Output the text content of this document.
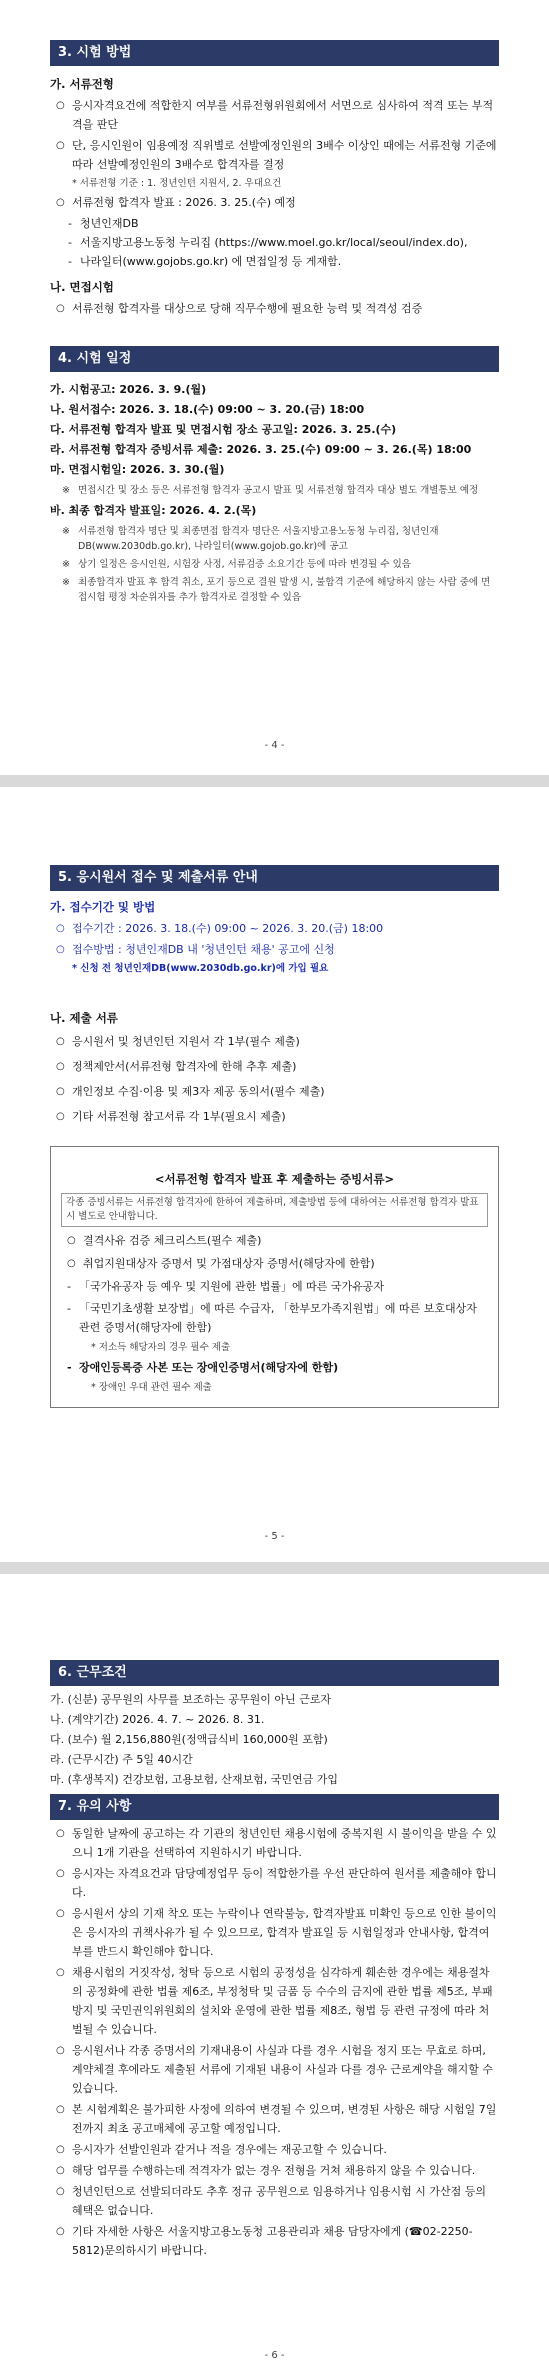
3. 시험 방법
가. 서류전형
○ 응시자격요건에 적합한지 여부를 서류전형위원회에서 서면으로 심사하여 적격 또는 부적격을 판단
○ 단, 응시인원이 임용예정 직위별로 선발예정인원의 3배수 이상인 때에는 서류전형 기준에 따라 선발예정인원의 3배수로 합격자를 결정
* 서류전형 기준 : 1. 정년인턴 지원서, 2. 우대요건
○ 서류전형 합격자 발표 : 2026. 3. 25.(수) 예정
- 청년인재DB
- 서울지방고용노동청 누리집 (https://www.moel.go.kr/local/seoul/index.do),
- 나라일터(www.gojobs.go.kr) 에 면접일정 등 게재함.
나. 면접시험
○ 서류전형 합격자를 대상으로 당해 직무수행에 필요한 능력 및 적격성 검증
4. 시험 일정
가. 시험공고: 2026. 3. 9.(월)
나. 원서접수: 2026. 3. 18.(수) 09:00 ~ 3. 20.(금) 18:00
다. 서류전형 합격자 발표 및 면접시험 장소 공고일: 2026. 3. 25.(수)
라. 서류전형 합격자 증빙서류 제출: 2026. 3. 25.(수) 09:00 ~ 3. 26.(목) 18:00
마. 면접시험일: 2026. 3. 30.(월)
※ 면접시간 및 장소 등은 서류전형 합격자 공고시 발표 및 서류전형 합격자 대상 별도 개별통보 예정
바. 최종 합격자 발표일: 2026. 4. 2.(목)
※ 서류전형 합격자 명단 및 최종면접 합격자 명단은 서울지방고용노동청 누리집, 청년인재DB(www.2030db.go.kr), 나라일터(www.gojob.go.kr)에 공고
※ 상기 일정은 응시인원, 시험장 사정, 서류검증 소요기간 등에 따라 변경될 수 있음
※ 최종합격자 발표 후 합격 취소, 포기 등으로 결원 발생 시, 불합격 기준에 해당하지 않는 사람 중에 면접시험 평정 차순위자를 추가 합격자로 결정할 수 있음
- 4 -
5. 응시원서 접수 및 제출서류 안내
가. 접수기간 및 방법
○ 접수기간 : 2026. 3. 18.(수) 09:00 ~ 2026. 3. 20.(금) 18:00
○ 접수방법 : 청년인재DB 내 '청년인턴 채용' 공고에 신청
* 신청 전 청년인재DB(www.2030db.go.kr)에 가입 필요
나. 제출 서류
○ 응시원서 및 청년인턴 지원서 각 1부(필수 제출)
○ 정책제안서(서류전형 합격자에 한해 추후 제출)
○ 개인정보 수집·이용 및 제3자 제공 동의서(필수 제출)
○ 기타 서류전형 참고서류 각 1부(필요시 제출)
<서류전형 합격자 발표 후 제출하는 증빙서류>
각종 증빙서류는 서류전형 합격자에 한하여 제출하며, 제출방법 등에 대하여는 서류전형 합격자 발표 시 별도로 안내합니다.
○ 결격사유 검증 체크리스트(필수 제출)
○ 취업지원대상자 증명서 및 가점대상자 증명서(해당자에 한함)
- 「국가유공자 등 예우 및 지원에 관한 법률」에 따른 국가유공자
- 「국민기초생활 보장법」에 따른 수급자, 「한부모가족지원법」에 따른 보호대상자 관련 증명서(해당자에 한함)
* 저소득 해당자의 경우 필수 제출
- 장애인등록증 사본 또는 장애인증명서(해당자에 한함)
* 장애인 우대 관련 필수 제출
- 5 -
6. 근무조건
가. (신분) 공무원의 사무를 보조하는 공무원이 아닌 근로자
나. (계약기간) 2026. 4. 7. ~ 2026. 8. 31.
다. (보수) 월 2,156,880원(정액급식비 160,000원 포함)
라. (근무시간) 주 5일 40시간
마. (후생복지) 건강보험, 고용보험, 산재보험, 국민연금 가입
7. 유의 사항
○ 동일한 날짜에 공고하는 각 기관의 청년인턴 채용시험에 중복지원 시 불이익을 받을 수 있으니 1개 기관을 선택하여 지원하시기 바랍니다.
○ 응시자는 자격요건과 담당예정업무 등이 적합한가를 우선 판단하여 원서를 제출해야 합니다.
○ 응시원서 상의 기재 착오 또는 누락이나 연락불능, 합격자발표 미확인 등으로 인한 불이익은 응시자의 귀책사유가 될 수 있으므로, 합격자 발표일 등 시험일정과 안내사항, 합격여부를 반드시 확인해야 합니다.
○ 채용시험의 거짓작성, 청탁 등으로 시험의 공정성을 심각하게 훼손한 경우에는 채용절차의 공정화에 관한 법률 제6조, 부정청탁 및 금품 등 수수의 금지에 관한 법률 제5조, 부패방지 및 국민권익위원회의 설치와 운영에 관한 법률 제8조, 형법 등 관련 규정에 따라 처벌될 수 있습니다.
○ 응시원서나 각종 증명서의 기재내용이 사실과 다를 경우 시험을 정지 또는 무효로 하며, 계약체결 후에라도 제출된 서류에 기재된 내용이 사실과 다를 경우 근로계약을 해지할 수 있습니다.
○ 본 시험계획은 불가피한 사정에 의하여 변경될 수 있으며, 변경된 사항은 해당 시험일 7일 전까지 최초 공고매체에 공고할 예정입니다.
○ 응시자가 선발인원과 같거나 적을 경우에는 재공고할 수 있습니다.
○ 해당 업무를 수행하는데 적격자가 없는 경우 전형을 거쳐 채용하지 않을 수 있습니다.
○ 청년인턴으로 선발되더라도 추후 정규 공무원으로 임용하거나 임용시험 시 가산점 등의 혜택은 없습니다.
○ 기타 자세한 사항은 서울지방고용노동청 고용관리과 채용 담당자에게 (☎02-2250-5812)문의하시기 바랍니다.
- 6 -
